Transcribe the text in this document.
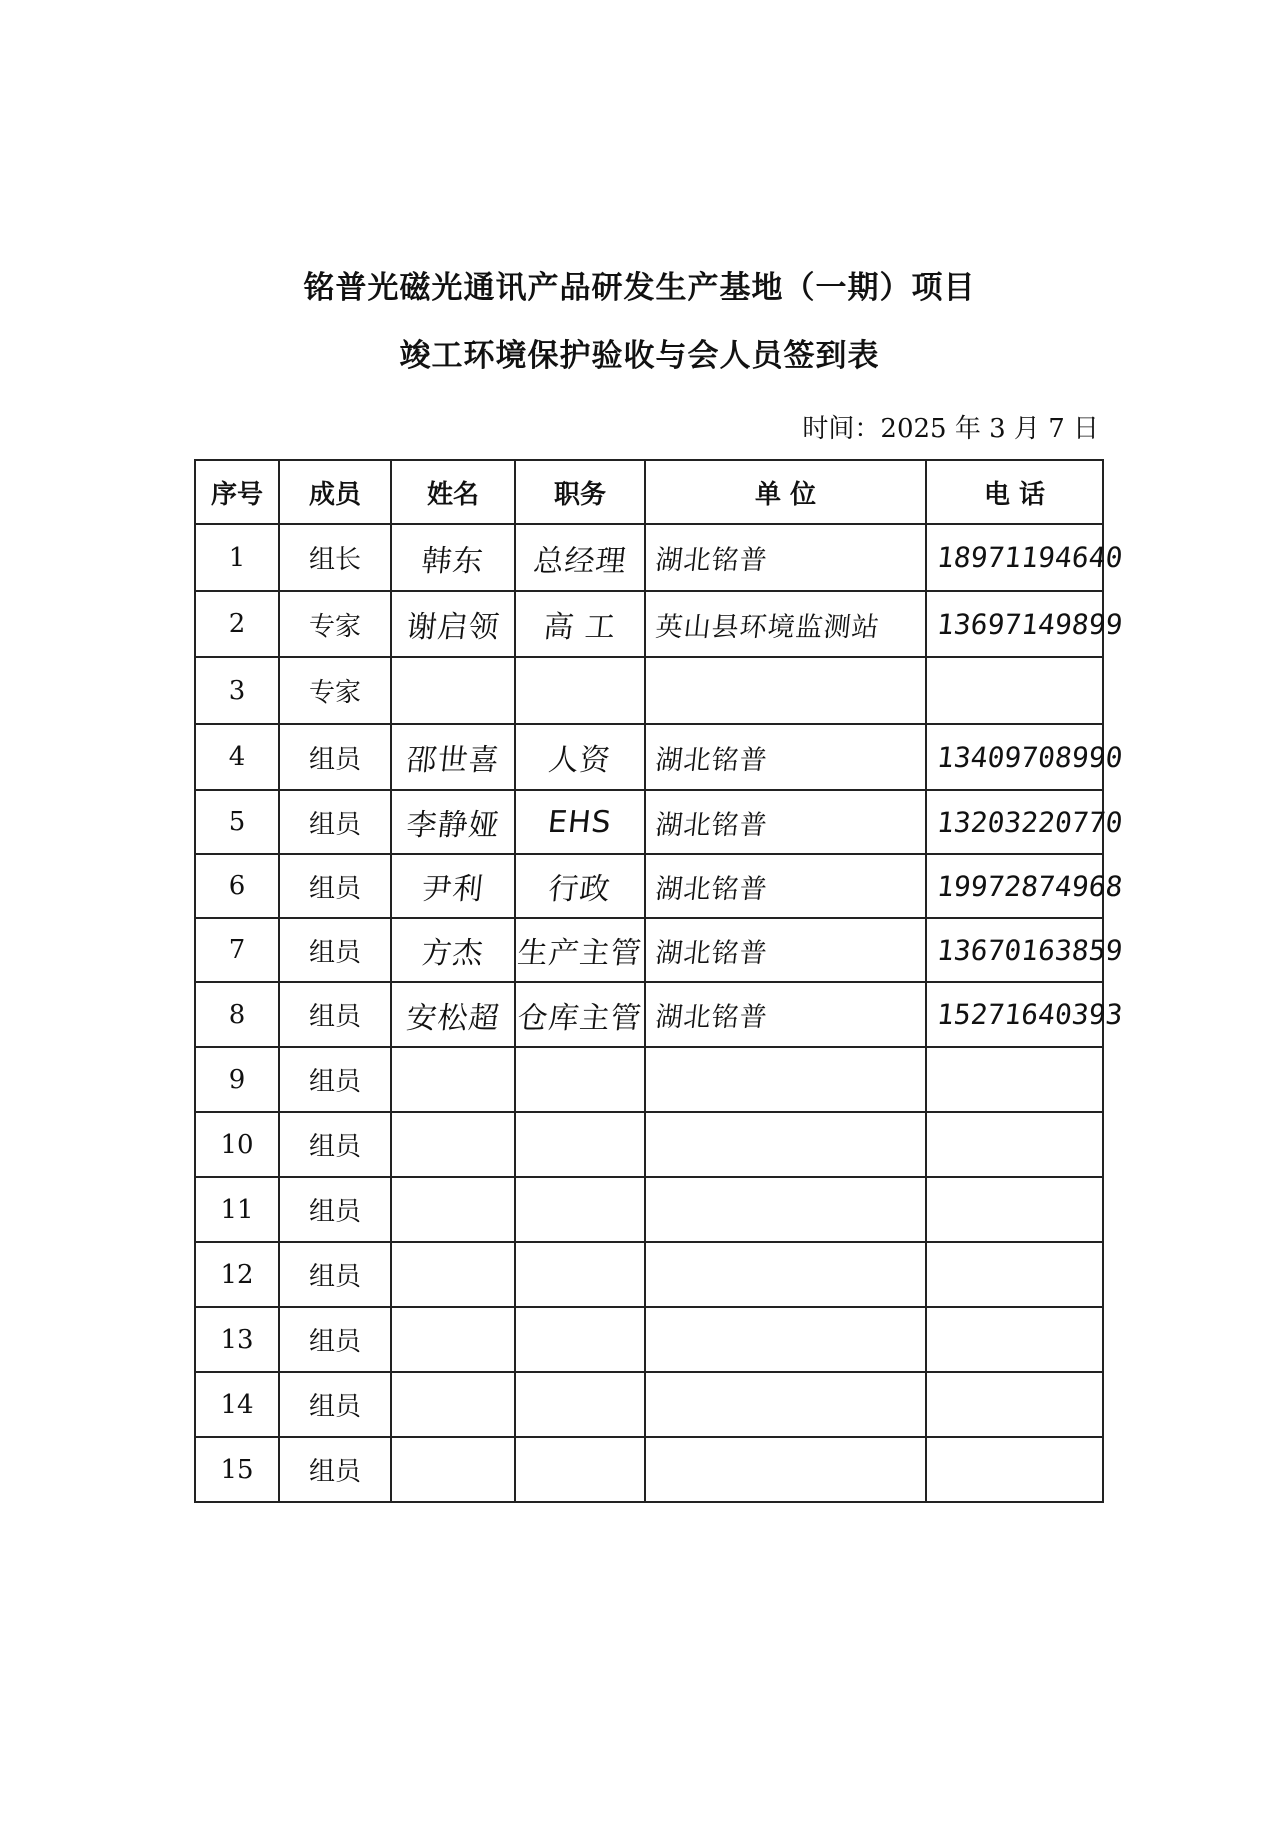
铭普光磁光通讯产品研发生产基地（一期）项目
竣工环境保护验收与会人员签到表
时间：2025 年 3 月 7 日
序号	成员	姓名	职务	单 位	电 话
1	组长	韩东	总经理	湖北铭普	18971194640
2	专家	谢启领	高 工	英山县环境监测站	13697149899
3	专家				
4	组员	邵世喜	人资	湖北铭普	13409708990
5	组员	李静娅	EHS	湖北铭普	13203220770
6	组员	尹利	行政	湖北铭普	19972874968
7	组员	方杰	生产主管	湖北铭普	13670163859
8	组员	安松超	仓库主管	湖北铭普	15271640393
9	组员				
10	组员				
11	组员				
12	组员				
13	组员				
14	组员				
15	组员				
